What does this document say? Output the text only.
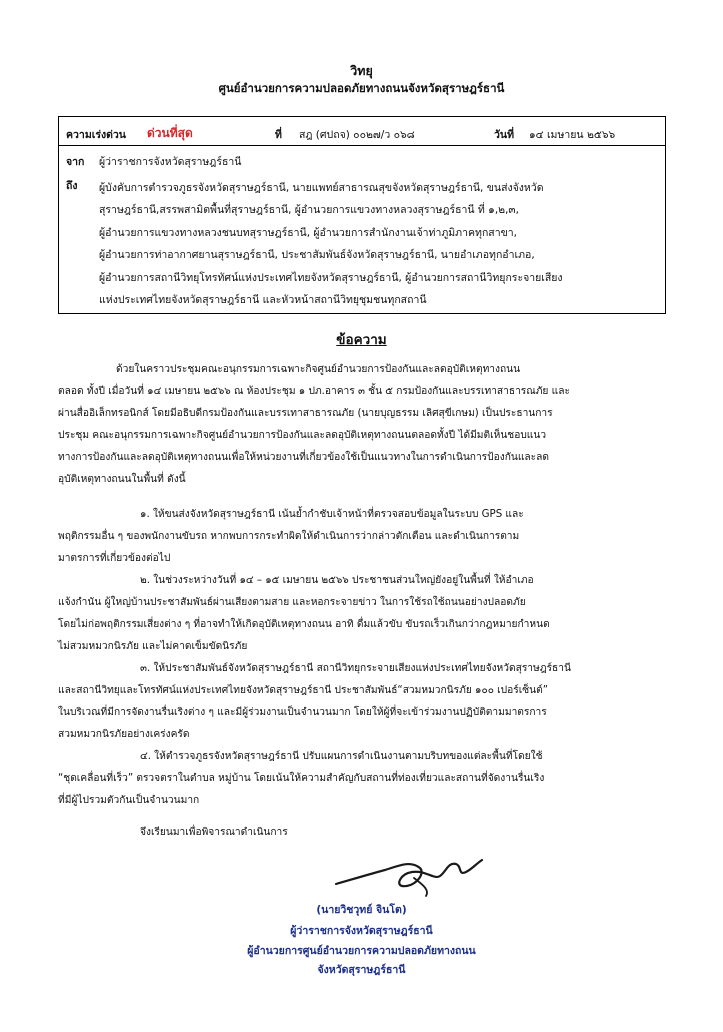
วิทยุ
ศูนย์อำนวยการความปลอดภัยทางถนนจังหวัดสุราษฎร์ธานี
ความเร่งด่วน ด่วนที่สุด	ที่ สฎ (ศปถจ) ๐๐๒๗/ว ๐๖๘	วันที่ ๑๔ เมษายน ๒๕๖๖
จาก ผู้ว่าราชการจังหวัดสุราษฎร์ธานี
ถึง ผู้บังคับการตำรวจภูธรจังหวัดสุราษฎร์ธานี, นายแพทย์สาธารณสุขจังหวัดสุราษฎร์ธานี, ขนส่งจังหวัด
สุราษฎร์ธานี,สรรพสามิตพื้นที่สุราษฎร์ธานี, ผู้อำนวยการแขวงทางหลวงสุราษฎร์ธานี ที่ ๑,๒,๓,
ผู้อำนวยการแขวงทางหลวงชนบทสุราษฎร์ธานี, ผู้อำนวยการสำนักงานเจ้าท่าภูมิภาคทุกสาขา,
ผู้อำนวยการท่าอากาศยานสุราษฎร์ธานี, ประชาสัมพันธ์จังหวัดสุราษฎร์ธานี, นายอำเภอทุกอำเภอ,
ผู้อำนวยการสถานีวิทยุโทรทัศน์แห่งประเทศไทยจังหวัดสุราษฎร์ธานี, ผู้อำนวยการสถานีวิทยุกระจายเสียง
แห่งประเทศไทยจังหวัดสุราษฎร์ธานี และหัวหน้าสถานีวิทยุชุมชนทุกสถานี
ข้อความ
ด้วยในคราวประชุมคณะอนุกรรมการเฉพาะกิจศูนย์อำนวยการป้องกันและลดอุบัติเหตุทางถนน
ตลอด ทั้งปี เมื่อวันที่ ๑๔ เมษายน ๒๕๖๖ ณ ห้องประชุม ๑ ปภ.อาคาร ๓ ชั้น ๕ กรมป้องกันและบรรเทาสาธารณภัย และ
ผ่านสื่ออิเล็กทรอนิกส์ โดยมีอธิบดีกรมป้องกันและบรรเทาสาธารณภัย (นายบุญธรรม เลิศสุขีเกษม) เป็นประธานการ
ประชุม คณะอนุกรรมการเฉพาะกิจศูนย์อำนวยการป้องกันและลดอุบัติเหตุทางถนนตลอดทั้งปี ได้มีมติเห็นชอบแนว
ทางการป้องกันและลดอุบัติเหตุทางถนนเพื่อให้หน่วยงานที่เกี่ยวข้องใช้เป็นแนวทางในการดำเนินการป้องกันและลด
อุบัติเหตุทางถนนในพื้นที่ ดังนี้
๑. ให้ขนส่งจังหวัดสุราษฎร์ธานี เน้นย้ำกำชับเจ้าหน้าที่ตรวจสอบข้อมูลในระบบ GPS และ
พฤติกรรมอื่น ๆ ของพนักงานขับรถ หากพบการกระทำผิดให้ดำเนินการว่ากล่าวตักเตือน และดำเนินการตาม
มาตรการที่เกี่ยวข้องต่อไป
๒. ในช่วงระหว่างวันที่ ๑๔ – ๑๕ เมษายน ๒๕๖๖ ประชาชนส่วนใหญ่ยังอยู่ในพื้นที่ ให้อำเภอ
แจ้งกำนัน ผู้ใหญ่บ้านประชาสัมพันธ์ผ่านเสียงตามสาย และหอกระจายข่าว ในการใช้รถใช้ถนนอย่างปลอดภัย
โดยไม่ก่อพฤติกรรมเสี่ยงต่าง ๆ ที่อาจทำให้เกิดอุบัติเหตุทางถนน อาทิ ดื่มแล้วขับ ขับรถเร็วเกินกว่ากฎหมายกำหนด
ไม่สวมหมวกนิรภัย และไม่คาดเข็มขัดนิรภัย
๓. ให้ประชาสัมพันธ์จังหวัดสุราษฎร์ธานี สถานีวิทยุกระจายเสียงแห่งประเทศไทยจังหวัดสุราษฎร์ธานี
และสถานีวิทยุและโทรทัศน์แห่งประเทศไทยจังหวัดสุราษฎร์ธานี ประชาสัมพันธ์“สวมหมวกนิรภัย ๑๐๐ เปอร์เซ็นต์”
ในบริเวณที่มีการจัดงานรื่นเริงต่าง ๆ และมีผู้ร่วมงานเป็นจำนวนมาก โดยให้ผู้ที่จะเข้าร่วมงานปฏิบัติตามมาตรการ
สวมหมวกนิรภัยอย่างเคร่งครัด
๔. ให้ตำรวจภูธรจังหวัดสุราษฎร์ธานี ปรับแผนการดำเนินงานตามบริบทของแต่ละพื้นที่โดยใช้
“ชุดเคลื่อนที่เร็ว” ตรวจตราในตำบล หมู่บ้าน โดยเน้นให้ความสำคัญกับสถานที่ท่องเที่ยวและสถานที่จัดงานรื่นเริง
ที่มีผู้ไปรวมตัวกันเป็นจำนวนมาก
จึงเรียนมาเพื่อพิจารณาดำเนินการ
(นายวิชวุทย์ จินโต)
ผู้ว่าราชการจังหวัดสุราษฎร์ธานี
ผู้อำนวยการศูนย์อำนวยการความปลอดภัยทางถนน
จังหวัดสุราษฎร์ธานี
